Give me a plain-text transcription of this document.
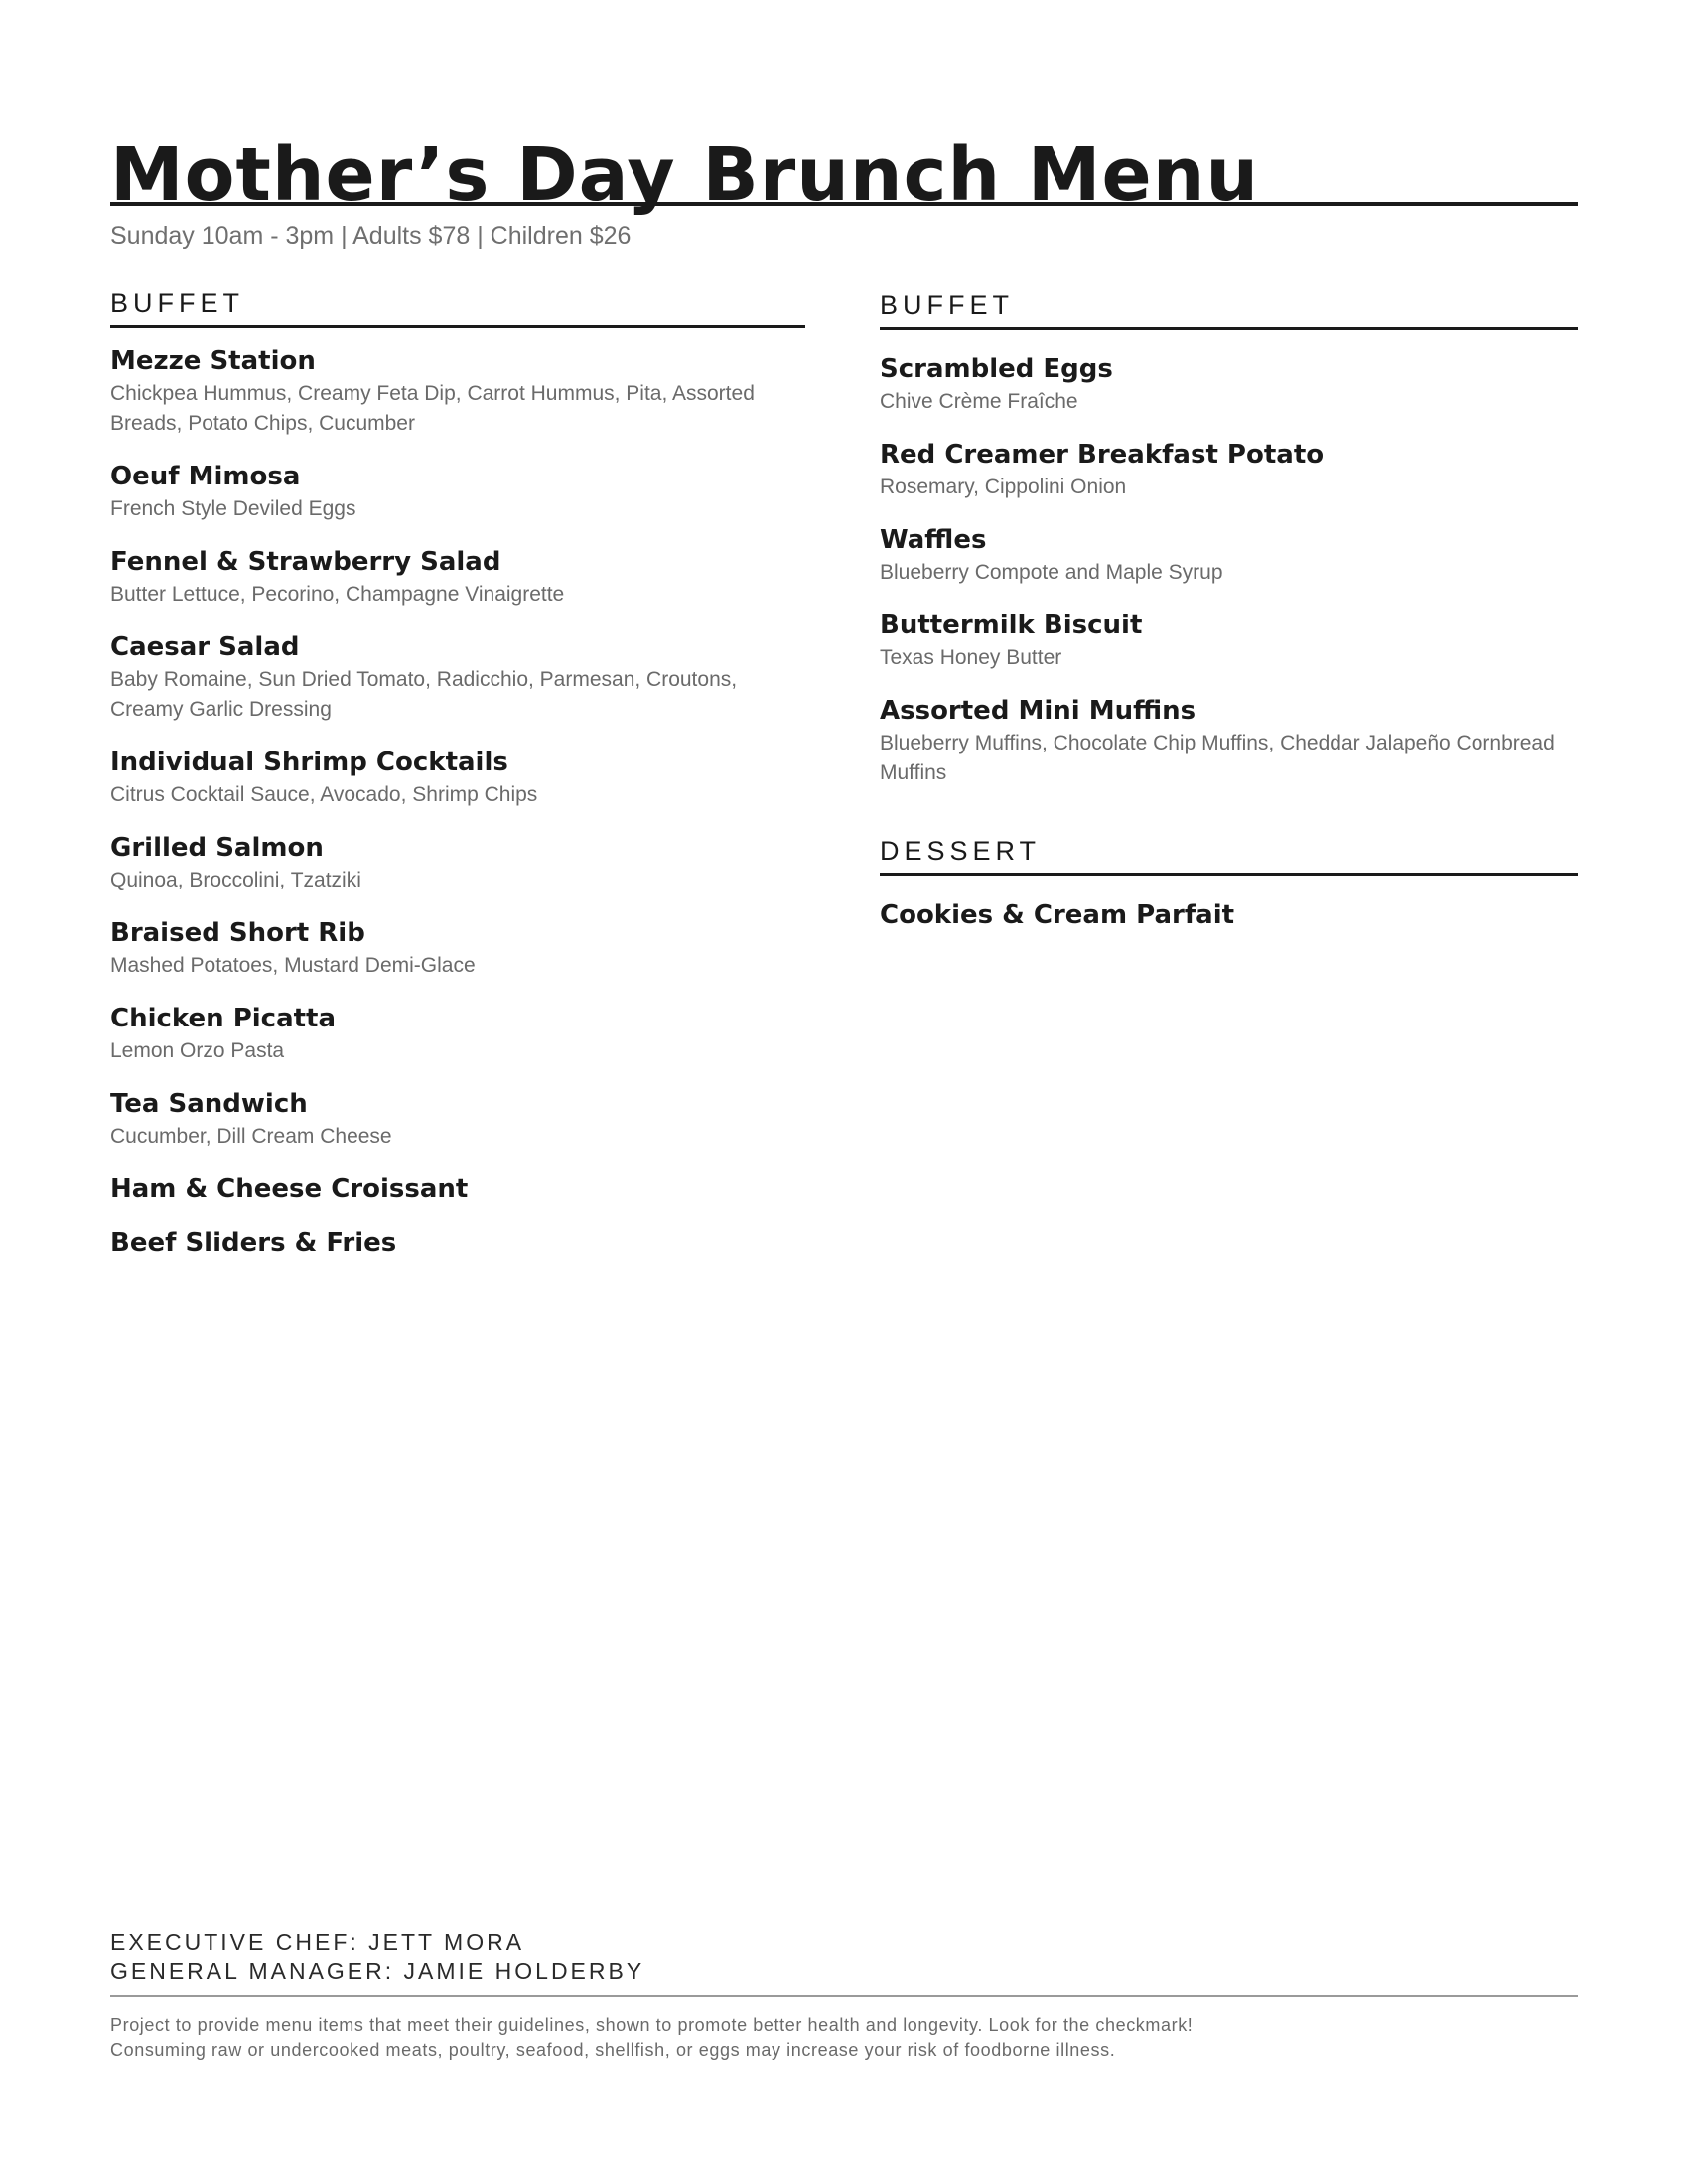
Mother’s Day Brunch Menu
Sunday 10am - 3pm | Adults $78 | Children $26
BUFFET
Mezze Station
Chickpea Hummus, Creamy Feta Dip, Carrot Hummus, Pita, Assorted Breads, Potato Chips, Cucumber
Oeuf Mimosa
French Style Deviled Eggs
Fennel & Strawberry Salad
Butter Lettuce, Pecorino, Champagne Vinaigrette
Caesar Salad
Baby Romaine, Sun Dried Tomato, Radicchio, Parmesan, Croutons, Creamy Garlic Dressing
Individual Shrimp Cocktails
Citrus Cocktail Sauce, Avocado, Shrimp Chips
Grilled Salmon
Quinoa, Broccolini, Tzatziki
Braised Short Rib
Mashed Potatoes, Mustard Demi-Glace
Chicken Picatta
Lemon Orzo Pasta
Tea Sandwich
Cucumber, Dill Cream Cheese
Ham & Cheese Croissant
Beef Sliders & Fries
BUFFET
Scrambled Eggs
Chive Crème Fraîche
Red Creamer Breakfast Potato
Rosemary, Cippolini Onion
Waffles
Blueberry Compote and Maple Syrup
Buttermilk Biscuit
Texas Honey Butter
Assorted Mini Muffins
Blueberry Muffins, Chocolate Chip Muffins, Cheddar Jalapeño Cornbread Muffins
DESSERT
Cookies & Cream Parfait
EXECUTIVE CHEF: JETT MORA
GENERAL MANAGER: JAMIE HOLDERBY
Project to provide menu items that meet their guidelines, shown to promote better health and longevity. Look for the checkmark!
Consuming raw or undercooked meats, poultry, seafood, shellfish, or eggs may increase your risk of foodborne illness.
